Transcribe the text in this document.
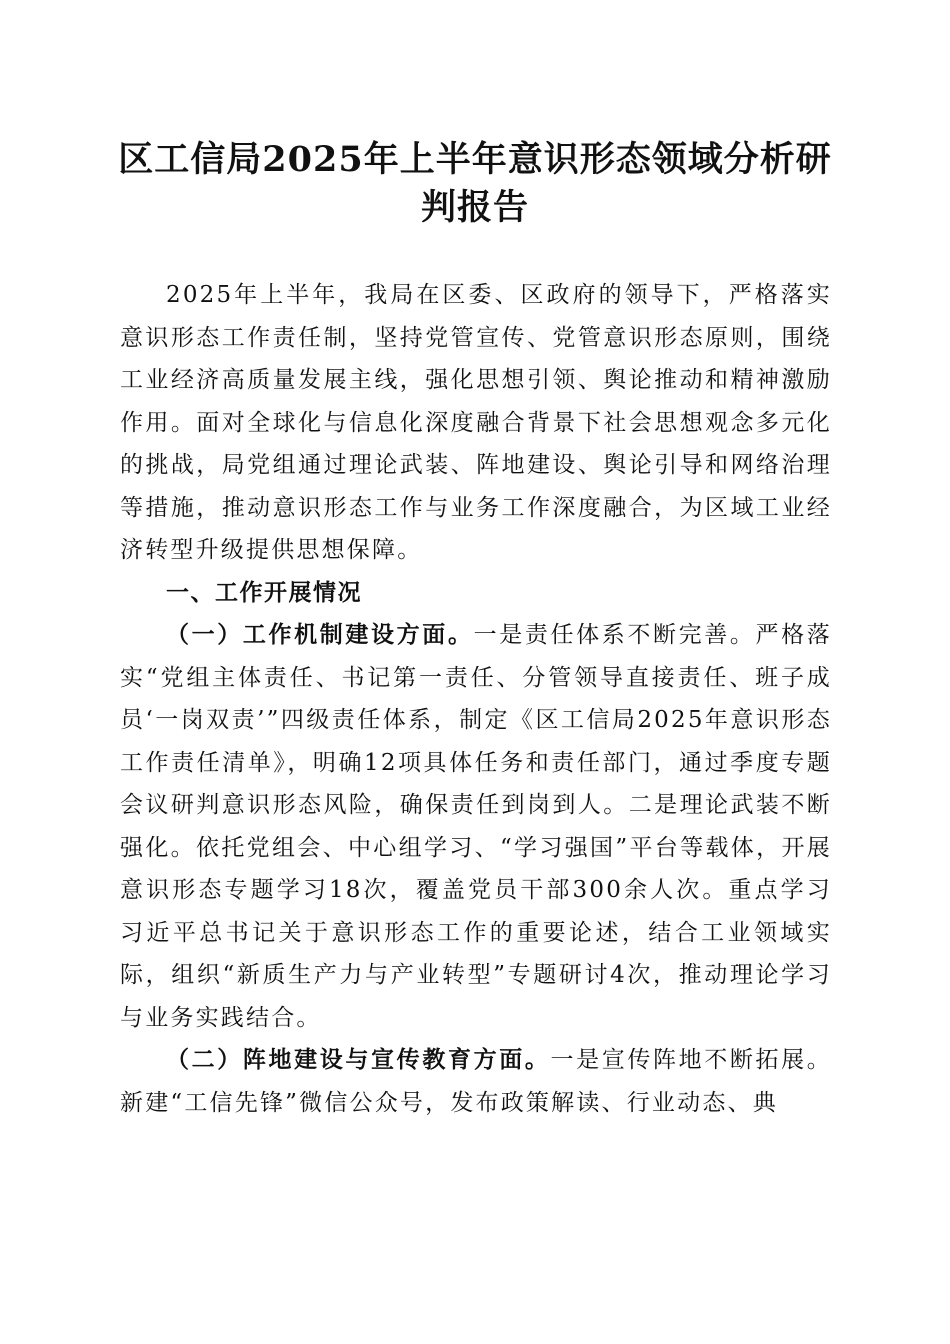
区工信局2025年上半年意识形态领域分析研判报告

2025年上半年，我局在区委、区政府的领导下，严格落实意识形态工作责任制，坚持党管宣传、党管意识形态原则，围绕工业经济高质量发展主线，强化思想引领、舆论推动和精神激励作用。面对全球化与信息化深度融合背景下社会思想观念多元化的挑战，局党组通过理论武装、阵地建设、舆论引导和网络治理等措施，推动意识形态工作与业务工作深度融合，为区域工业经济转型升级提供思想保障。

一、工作开展情况

（一）工作机制建设方面。一是责任体系不断完善。严格落实“党组主体责任、书记第一责任、分管领导直接责任、班子成员‘一岗双责’”四级责任体系，制定《区工信局2025年意识形态工作责任清单》，明确12项具体任务和责任部门，通过季度专题会议研判意识形态风险，确保责任到岗到人。二是理论武装不断强化。依托党组会、中心组学习、“学习强国”平台等载体，开展意识形态专题学习18次，覆盖党员干部300余人次。重点学习习近平总书记关于意识形态工作的重要论述，结合工业领域实际，组织“新质生产力与产业转型”专题研讨4次，推动理论学习与业务实践结合。

（二）阵地建设与宣传教育方面。一是宣传阵地不断拓展。新建“工信先锋”微信公众号，发布政策解读、行业动态、典
